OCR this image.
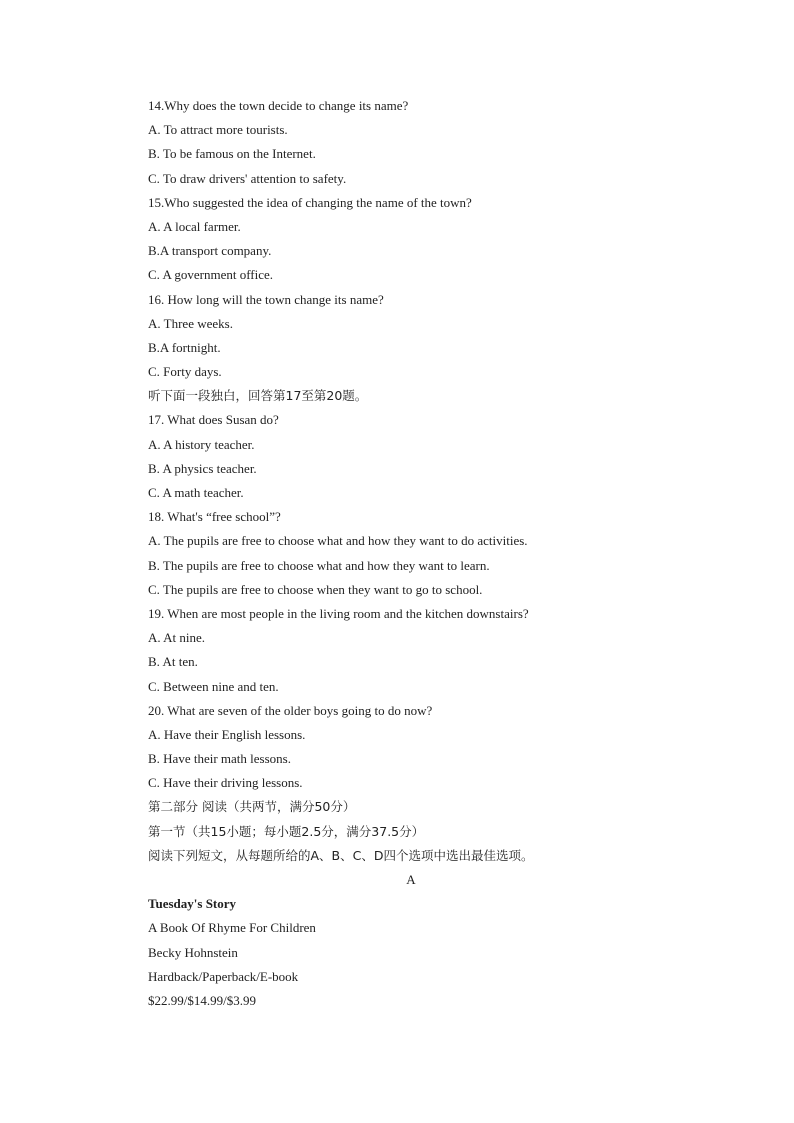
14.Why does the town decide to change its name?
A. To attract more tourists.
B. To be famous on the Internet.
C. To draw drivers' attention to safety.
15.Who suggested the idea of changing the name of the town?
A. A local farmer.
B.A transport company.
C. A government office.
16. How long will the town change its name?
A. Three weeks.
B.A fortnight.
C. Forty days.
听下面一段独白，回答第17至第20题。
17. What does Susan do?
A. A history teacher.
B. A physics teacher.
C. A math teacher.
18. What's “free school”?
A. The pupils are free to choose what and how they want to do activities.
B. The pupils are free to choose what and how they want to learn.
C. The pupils are free to choose when they want to go to school.
19. When are most people in the living room and the kitchen downstairs?
A. At nine.
B. At ten.
C. Between nine and ten.
20. What are seven of the older boys going to do now?
A. Have their English lessons.
B. Have their math lessons.
C. Have their driving lessons.
第二部分 阅读（共两节，满分50分）
第一节（共15小题；每小题2.5分，满分37.5分）
阅读下列短文，从每题所给的A、B、C、D四个选项中选出最佳选项。
A
Tuesday's Story
A Book Of Rhyme For Children
Becky Hohnstein
Hardback/Paperback/E-book
$22.99/$14.99/$3.99
